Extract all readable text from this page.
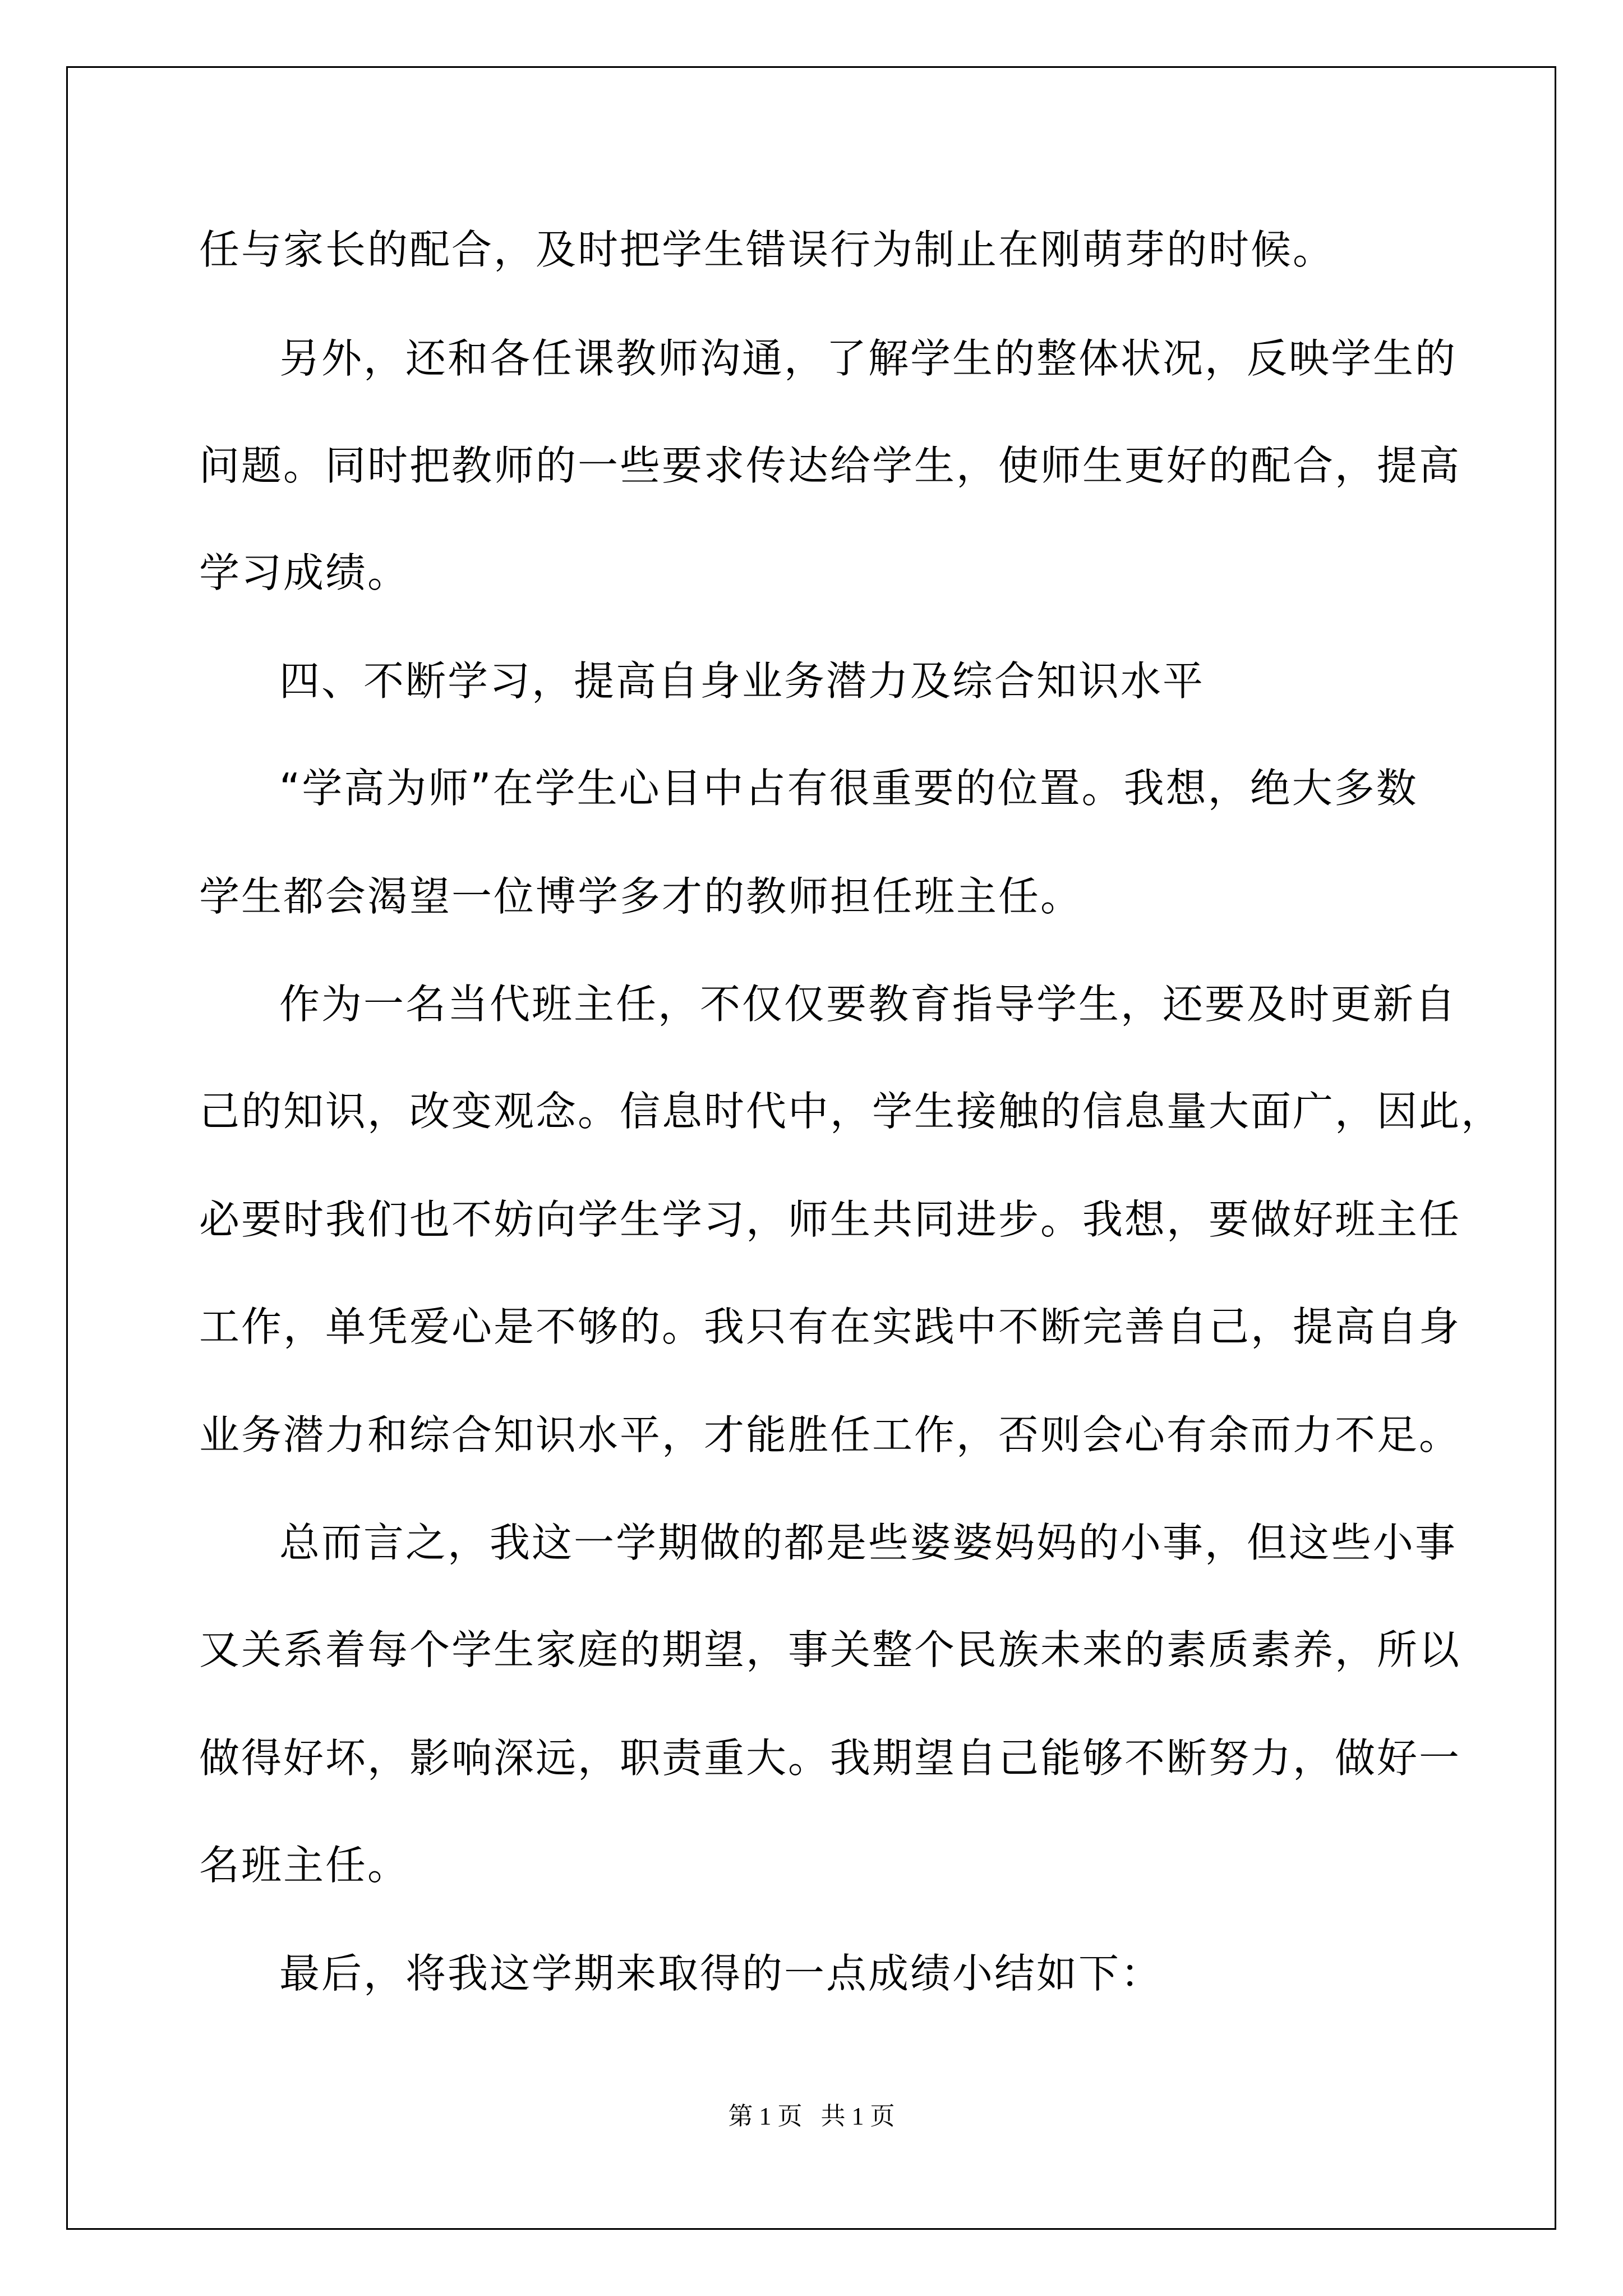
任与家长的配合，及时把学生错误行为制止在刚萌芽的时候。
另外，还和各任课教师沟通，了解学生的整体状况，反映学生的
问题。同时把教师的一些要求传达给学生，使师生更好的配合，提高
学习成绩。
四、不断学习，提高自身业务潜力及综合知识水平
“学高为师”在学生心目中占有很重要的位置。我想，绝大多数
学生都会渴望一位博学多才的教师担任班主任。
作为一名当代班主任，不仅仅要教育指导学生，还要及时更新自
己的知识，改变观念。信息时代中，学生接触的信息量大面广，因此，
必要时我们也不妨向学生学习，师生共同进步。我想，要做好班主任
工作，单凭爱心是不够的。我只有在实践中不断完善自己，提高自身
业务潜力和综合知识水平，才能胜任工作，否则会心有余而力不足。
总而言之，我这一学期做的都是些婆婆妈妈的小事，但这些小事
又关系着每个学生家庭的期望，事关整个民族未来的素质素养，所以
做得好坏，影响深远，职责重大。我期望自己能够不断努力，做好一
名班主任。
最后，将我这学期来取得的一点成绩小结如下：
第 1 页   共 1 页
